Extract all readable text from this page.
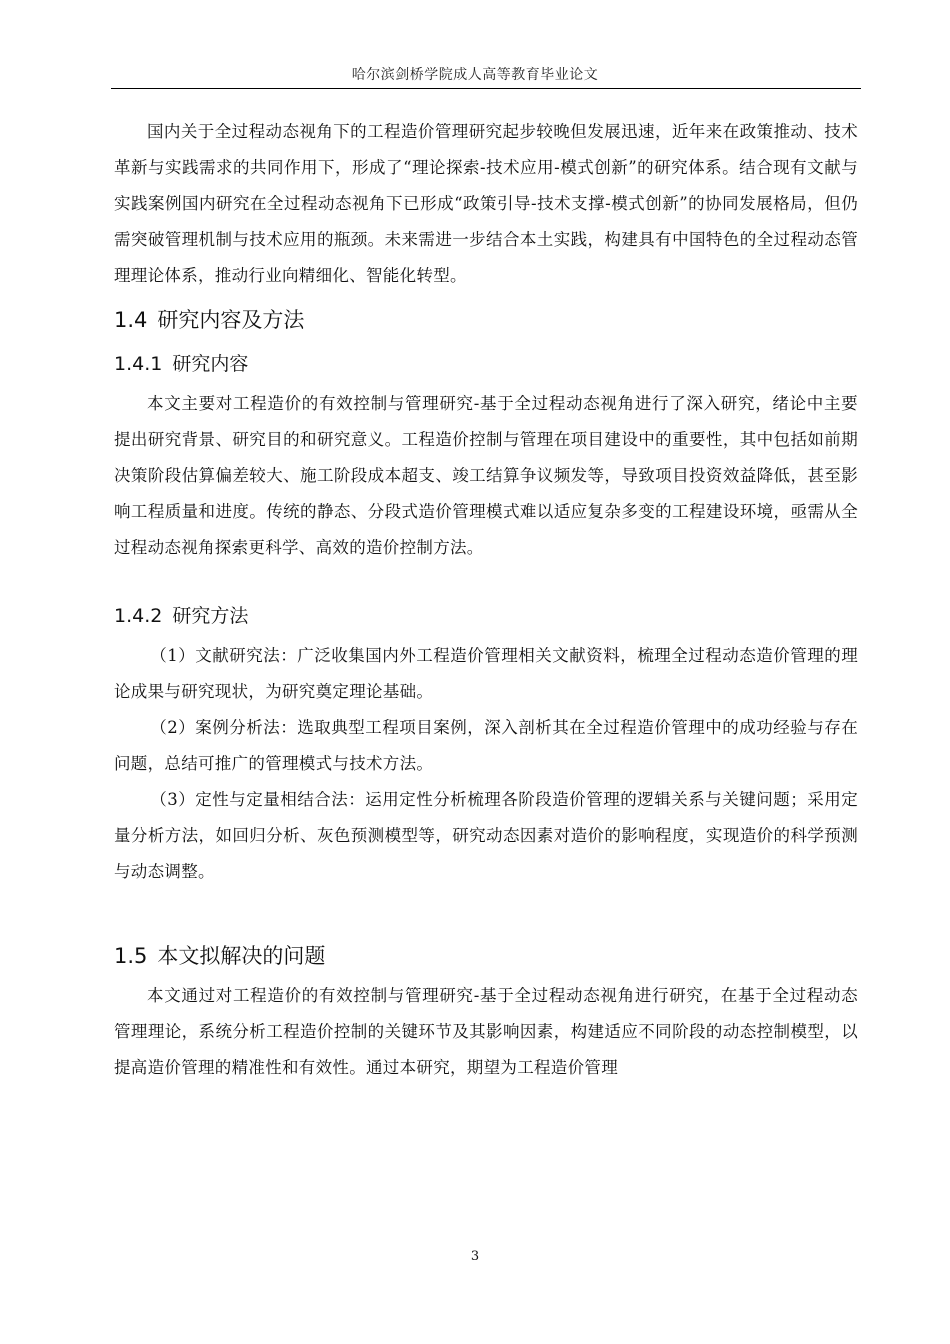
哈尔滨剑桥学院成人高等教育毕业论文

国内关于全过程动态视角下的工程造价管理研究起步较晚但发展迅速，近年来在政策推动、技术革新与实践需求的共同作用下，形成了“理论探索-技术应用-模式创新”的研究体系。结合现有文献与实践案例国内研究在全过程动态视角下已形成“政策引导-技术支撑-模式创新”的协同发展格局，但仍需突破管理机制与技术应用的瓶颈。未来需进一步结合本土实践，构建具有中国特色的全过程动态管理理论体系，推动行业向精细化、智能化转型。

1.4 研究内容及方法
1.4.1 研究内容

本文主要对工程造价的有效控制与管理研究-基于全过程动态视角进行了深入研究，绪论中主要提出研究背景、研究目的和研究意义。工程造价控制与管理在项目建设中的重要性，其中包括如前期决策阶段估算偏差较大、施工阶段成本超支、竣工结算争议频发等，导致项目投资效益降低，甚至影响工程质量和进度。传统的静态、分段式造价管理模式难以适应复杂多变的工程建设环境，亟需从全过程动态视角探索更科学、高效的造价控制方法。

1.4.2 研究方法

（1）文献研究法：广泛收集国内外工程造价管理相关文献资料，梳理全过程动态造价管理的理论成果与研究现状，为研究奠定理论基础。

（2）案例分析法：选取典型工程项目案例，深入剖析其在全过程造价管理中的成功经验与存在问题，总结可推广的管理模式与技术方法。

（3）定性与定量相结合法：运用定性分析梳理各阶段造价管理的逻辑关系与关键问题；采用定量分析方法，如回归分析、灰色预测模型等，研究动态因素对造价的影响程度，实现造价的科学预测与动态调整。

1.5 本文拟解决的问题

本文通过对工程造价的有效控制与管理研究-基于全过程动态视角进行研究，在基于全过程动态管理理论，系统分析工程造价控制的关键环节及其影响因素，构建适应不同阶段的动态控制模型，以提高造价管理的精准性和有效性。通过本研究，期望为工程造价管理

3
